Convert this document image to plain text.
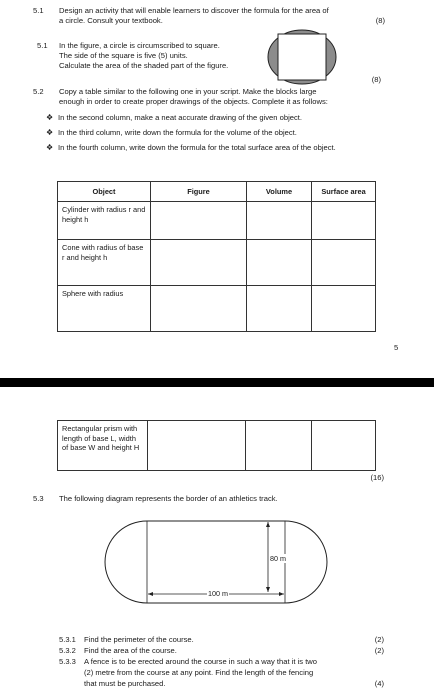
5.1 Design an activity that will enable learners to discover the formula for the area of
a circle. Consult your textbook.	(8)
5.1 In the figure, a circle is circumscribed to square.
The side of the square is five (5) units.
Calculate the area of the shaded part of the figure.
(8)
5.2 Copy a table similar to the following one in your script. Make the blocks large
enough in order to create proper drawings of the objects. Complete it as follows:
❖ In the second column, make a neat accurate drawing of the given object.
❖ In the third column, write down the formula for the volume of the object.
❖ In the fourth column, write down the formula for the total surface area of the object.
Object	Figure	Volume	Surface area
Cylinder with radius r and height h			
Cone with radius of base r and height h			
Sphere with radius			
5
Rectangular prism with length of base L, width of base W and height H			
(16)
5.3 The following diagram represents the border of an athletics track.
80 m
100 m
5.3.1 Find the perimeter of the course.	(2)
5.3.2 Find the area of the course.	(2)
5.3.3 A fence is to be erected around the course in such a way that it is two
(2) metre from the course at any point. Find the length of the fencing
that must be purchased.	(4)
